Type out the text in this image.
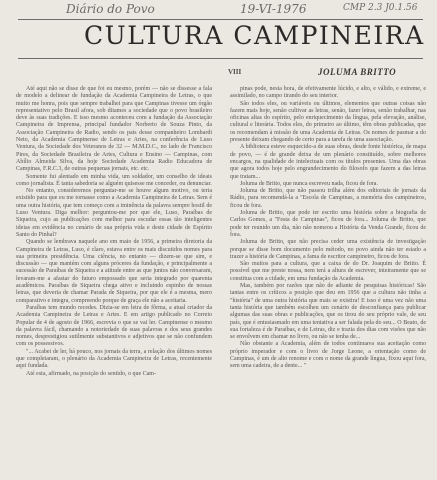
Diário do Povo	19-VI-1976	CMP 2.3 J0.1.56
CULTURA CAMPINEIRA
VIII	JOLUMA BRITTO

Até aqui não se disse de que foi eu mesmo, porém — não se dissesse a fala de modelo a delinear de fundação da Academia Campineira de Letras, o que muito me honra, pois que sempre trabalhei para que Campinas tivesse um órgão representativo pelo Brasil afora, sob ditames a sociedade que o povo brasileiro deve às suas tradições. E isso mesmo aconteceu com a fundação da Associação Campineira de Imprensa, principal fundador Norberto de Souza Pinto, da Associação Campineira de Radio, sendo os pais desse companheiro Lombardi Neto, da Academia Campinense de Letras e Artes, na conferência de Luso Ventura, da Sociedade dos Veteranos de 32 — M.M.D.C., no lado de Francisco Pires, da Sociedade Brasileira de Artes, Cultura e Ensino — Campinas, com Abílio Almeida Silva, da hoje Sociedade Academia Radio Educadora de Campinas, F.R.C.3, de outras pequenas jornais, etc. etc.

Somente fui alentado em minha vida, um soldador, um conselho de ideais como jornalista. É tanta sabedoria se alguém quisesse me conceder, ou denunciar.

No entanto, consideremos perguntar-me se houve algum motivo, ou teria existido para que eu me tornasse como a Academia Campineira de Letras. Sem é uma outra história, que tem começo com a iminência da palavra sempre hostil de Luso Ventura. Diga melhor: perguntou-me por que ele, Luso, Paraíbas de Siqueira, cujo as publicações com melhor para escudar essas tão inteligentes ideias em evidência no cenário de sua própria vida e deste cidade de Espírito Santo do Pinhal?

Quando se lembrava naquele ano em maio de 1956, a primeira diretoria da Campineira de Letras, Luso, é claro, estava entre os mais discutidos nomes para sua primeira presidência. Uma ciência, no entanto — dizem-se que sim, e discussão — que mantém com alguns próceres da fundação, e principalmente a sucessão de Paraíbas de Siqueira e a atitude entre as que juntos não conversaram, levaram-me a afastar do futuro empossado que seria integrado por quarenta acadêmicos. Paraíbas de Siqueira chega ativo e incluindo espinho de nossas letras, que deveria de chamar Parada de Siqueira, por que ele é a mesma, mero comparativo e integra, compreendo porque de graça ele não a aceitaria.

Paraíbas tem mundo recedes. Dizia-se em letra de fôrma, a atual criador da Academia Campineira de Letras e Artes. E em artigo publicado no Correio Popular de 4 de agosto de 1966, escrevia o que se vai ler. Campinense o mesmo da palavra fácil, chamando a notoriedade de suas palavras e dos seus grandes nomes, desprestigiou sutilmente substantivos e adjetivos que se não confundem com os possessivos.

"... Acabei de ler, há pouco, nos jornais da terra, a relação dos últimos nomes que completaram, o plenário da Academia Campineira de Letras, recentemente aqui fundada.

Até esta, afirmado, na posição do sentido, o que Cam-

pinas pode, nesta hora, de efetivamente lúcido, e alto, e válido, e extreme, e assimilado, no campo tirando do seu interior.

São todos eles, ou variáveis ou últimos, elementos que outras coisas não fazem mais hoje, senão cultivar as letras, senão, fazer letras, senão trabalhar, nas oficinas altas do espírito, pelo enriquecimento da língua, pela elevação, análise, cultural e literária. Todos eles, do primeiro ao último, têm obras publicadas, que os recomendam à missão de uma Academia de Letras. Os nomes de pasmar a do presente deixam chegando de certo para a tarefa de uma associação.

A biblioteca esteve esquecido-a de suas obras, desde fonte histórica, de mapa de povo, — é de grande deixa de um plenário constituído, sobre melhores encargos, na qualidade de intelectuais com os títulos presentes. Uma das obras que agora todos hoje pelo engrandecimento do filosofo que fazem a das letras que tratam...

Joluma de Britto, que nunca escreveu nada, ficou de fora.

Joluma de Britto, que não passou trilha além dos editoriais de jornais da Rádio, para recomendá-la a "Escola de Campinas, a memória dos campineiros, ficou de fora.

Joluma de Britto, que pode ter escrito uma história sobre a biografia de Carlos Gomes, a "Festa de Campinas", ficou de fora... Joluma de Britto, que pode ter reunido um dia, não não nomeou a História da Venda Grande, ficou de fora.

Joluma de Britto, que não precisa ceder uma existência de investigação porque se disse bom documento pelo método, no povo ainda não ter estado a trazer a história de Campinas, a fama de escritor campineiro, ficou de fora.

São muitos para a cultura, que a caixa de do Dr. Joaquim de Britto. É possível que me preste nossa, nem terá a altura de escrever, inteiramente que se constitua com a cidade, em uma fundação da Academia.

Mas, também por razões que não de adiante de pesquisas históricas! São tantas entre os críticos a posição que deu em 1956 que a cultura não tinha a "história" de uma outra história que mais se existira! E isso é uma vez não uma tanta história que também escolheu um cenário de desconfiança para publicar algumas das suas obras e publicações, que os tirou do seu próprio vale, de seu país, que é entusiasmado em uma tentativa a ser falada pela do seu... O Beato, de sua fortaleza é de Paraíbas, e de Letras, diz e trazia dos dias com visões que não se envolvem em chamar no livro, ou não se tenha de...

Não obstante a Academia, além de todos continuava sua aceitação como próprio imperador e com o livro de Jorge Leone, a orientação como de Campinas, é um de alto renome e com o nome da grande língua, fixou aqui fora, sem uma cadeira, de a dente... "
